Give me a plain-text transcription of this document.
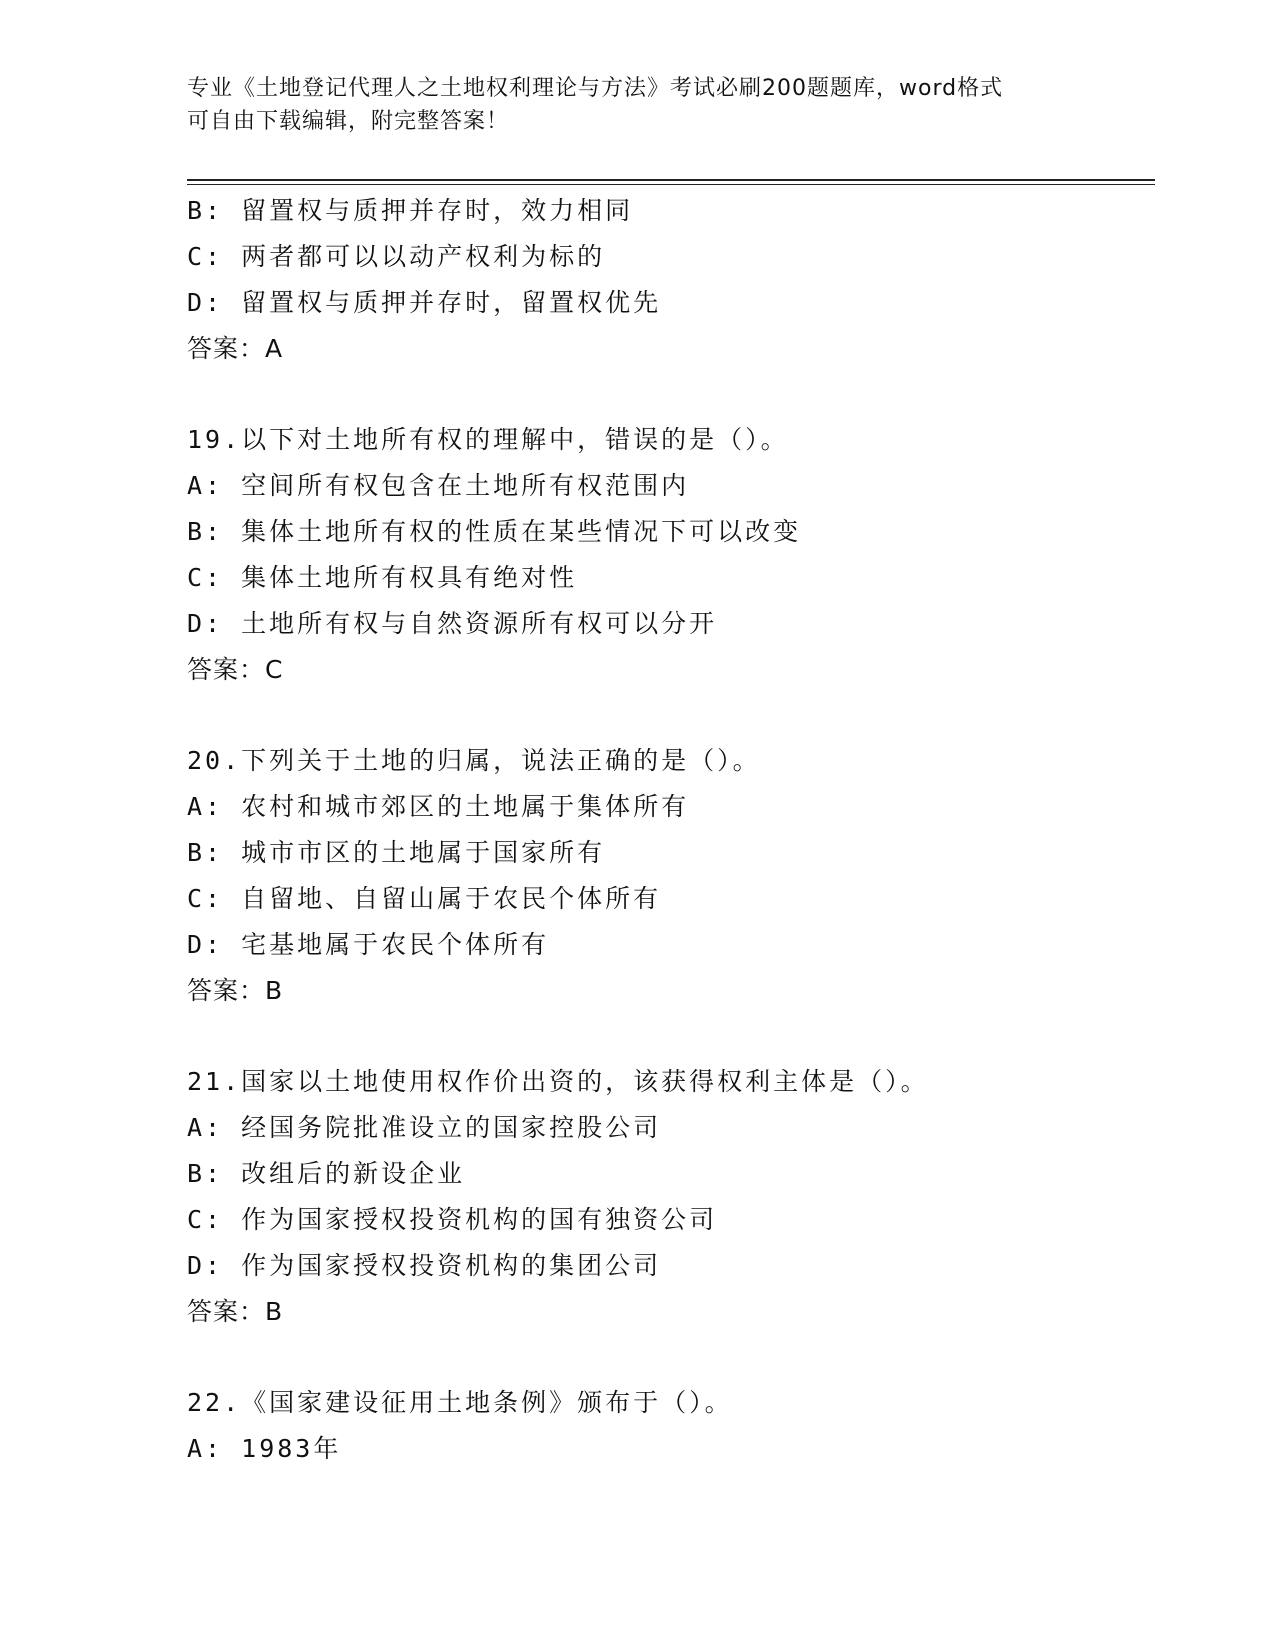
专业《土地登记代理人之土地权利理论与方法》考试必刷200题题库，word格式
可自由下载编辑，附完整答案！
B: 留置权与质押并存时，效力相同
C: 两者都可以以动产权利为标的
D: 留置权与质押并存时，留置权优先
答案：A
19.以下对土地所有权的理解中，错误的是（）。
A: 空间所有权包含在土地所有权范围内
B: 集体土地所有权的性质在某些情况下可以改变
C: 集体土地所有权具有绝对性
D: 土地所有权与自然资源所有权可以分开
答案：C
20.下列关于土地的归属，说法正确的是（）。
A: 农村和城市郊区的土地属于集体所有
B: 城市市区的土地属于国家所有
C: 自留地、自留山属于农民个体所有
D: 宅基地属于农民个体所有
答案：B
21.国家以土地使用权作价出资的，该获得权利主体是（）。
A: 经国务院批准设立的国家控股公司
B: 改组后的新设企业
C: 作为国家授权投资机构的国有独资公司
D: 作为国家授权投资机构的集团公司
答案：B
22.《国家建设征用土地条例》颁布于（）。
A: 1983年
